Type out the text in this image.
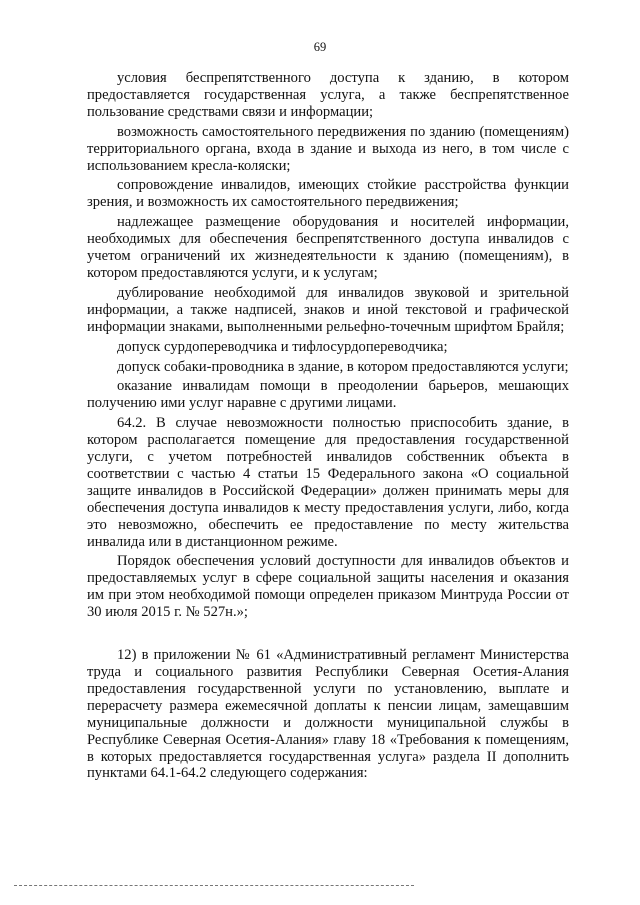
69

условия беспрепятственного доступа к зданию, в котором предоставляется государственная услуга, а также беспрепятственное пользование средствами связи и информации;

возможность самостоятельного передвижения по зданию (помещениям) территориального органа, входа в здание и выхода из него, в том числе с использованием кресла-коляски;

сопровождение инвалидов, имеющих стойкие расстройства функции зрения, и возможность их самостоятельного передвижения;

надлежащее размещение оборудования и носителей информации, необходимых для обеспечения беспрепятственного доступа инвалидов с учетом ограничений их жизнедеятельности к зданию (помещениям), в котором предоставляются услуги, и к услугам;

дублирование необходимой для инвалидов звуковой и зрительной информации, а также надписей, знаков и иной текстовой и графической информации знаками, выполненными рельефно-точечным шрифтом Брайля;

допуск сурдопереводчика и тифлосурдопереводчика;

допуск собаки-проводника в здание, в котором предоставляются услуги;

оказание инвалидам помощи в преодолении барьеров, мешающих получению ими услуг наравне с другими лицами.

64.2. В случае невозможности полностью приспособить здание, в котором располагается помещение для предоставления государственной услуги, с учетом потребностей инвалидов собственник объекта в соответствии с частью 4 статьи 15 Федерального закона «О социальной защите инвалидов в Российской Федерации» должен принимать меры для обеспечения доступа инвалидов к месту предоставления услуги, либо, когда это невозможно, обеспечить ее предоставление по месту жительства инвалида или в дистанционном режиме.

Порядок обеспечения условий доступности для инвалидов объектов и предоставляемых услуг в сфере социальной защиты населения и оказания им при этом необходимой помощи определен приказом Минтруда России от 30 июля 2015 г. № 527н.»;

12) в приложении № 61 «Административный регламент Министерства труда и социального развития Республики Северная Осетия-Алания предоставления государственной услуги по установлению, выплате и перерасчету размера ежемесячной доплаты к пенсии лицам, замещавшим муниципальные должности и должности муниципальной службы в Республике Северная Осетия-Алания» главу 18 «Требования к помещениям, в которых предоставляется государственная услуга» раздела II дополнить пунктами 64.1-64.2 следующего содержания:
